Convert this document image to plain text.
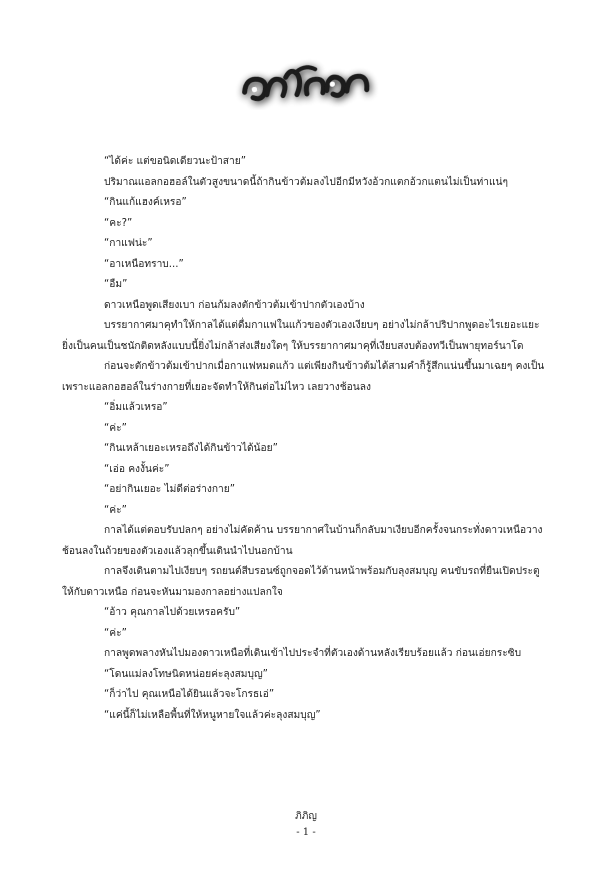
“ได้ค่ะ แต่ขอนิดเดียวนะป้าสาย”

ปริมาณแอลกอฮอล์ในตัวสูงขนาดนี้ถ้ากินข้าวต้มลงไปอีกมีหวังอ้วกแตกอ้วกแตนไม่เป็นท่าแน่ๆ

“กินแก้แฮงค์เหรอ”

“คะ?”

“กาแฟน่ะ”

“อาเหนือทราบ...”

“อืม”

ดาวเหนือพูดเสียงเบา ก่อนก้มลงตักข้าวต้มเข้าปากตัวเองบ้าง

บรรยากาศมาคุทำให้กาลได้แต่ดื่มกาแฟในแก้วของตัวเองเงียบๆ อย่างไม่กล้าปริปากพูดอะไรเยอะแยะ ยิ่งเป็นคนเป็นชนักติดหลังแบบนี้ยิ่งไม่กล้าส่งเสียงใดๆ ให้บรรยากาศมาคุที่เงียบสงบต้องทวีเป็นพายุทอร์นาโด

ก่อนจะตักข้าวต้มเข้าปากเมื่อกาแฟหมดแก้ว แต่เพียงกินข้าวต้มได้สามคำก็รู้สึกแน่นขึ้นมาเฉยๆ คงเป็นเพราะแอลกอฮอล์ในร่างกายที่เยอะจัดทำให้กินต่อไม่ไหว เลยวางช้อนลง

“อิ่มแล้วเหรอ”

“ค่ะ”

“กินเหล้าเยอะเหรอถึงได้กินข้าวได้น้อย”

“เอ่อ คงงั้นค่ะ”

“อย่ากินเยอะ ไม่ดีต่อร่างกาย”

“ค่ะ”

กาลได้แต่ตอบรับปลกๆ อย่างไม่คัดค้าน บรรยากาศในบ้านก็กลับมาเงียบอีกครั้งจนกระทั่งดาวเหนือวางช้อนลงในถ้วยของตัวเองแล้วลุกขึ้นเดินนำไปนอกบ้าน

กาลจึงเดินตามไปเงียบๆ รถยนต์สีบรอนซ์ถูกจอดไว้ด้านหน้าพร้อมกับลุงสมบุญ คนขับรถที่ยืนเปิดประตูให้กับดาวเหนือ ก่อนจะหันมามองกาลอย่างแปลกใจ

“อ้าว คุณกาลไปด้วยเหรอครับ”

“ค่ะ”

กาลพูดพลางหันไปมองดาวเหนือที่เดินเข้าไปประจำที่ตัวเองด้านหลังเรียบร้อยแล้ว ก่อนเอ่ยกระซิบ

“โดนแม่ลงโทษนิดหน่อยค่ะลุงสมบุญ”

“ก็ว่าไป คุณเหนือได้ยินแล้วจะโกรธเอ่”

“แค่นี้ก็ไม่เหลือพื้นที่ให้หนูหายใจแล้วค่ะลุงสมบุญ”

ภิภิญ
- 1 -
